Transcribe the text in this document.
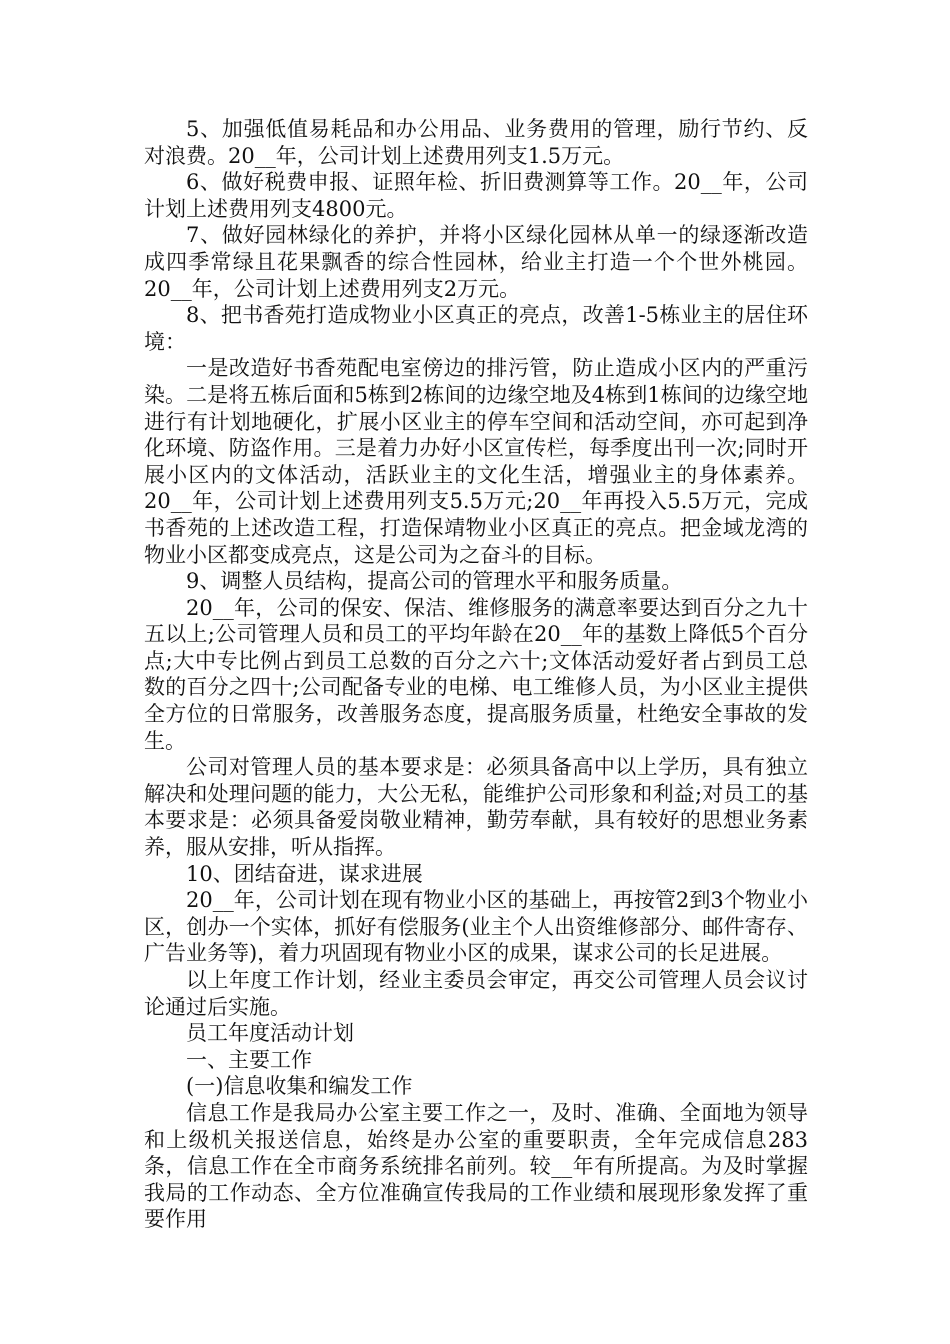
5、加强低值易耗品和办公用品、业务费用的管理，励行节约、反对浪费。20__年，公司计划上述费用列支1.5万元。

6、做好税费申报、证照年检、折旧费测算等工作。20__年，公司计划上述费用列支4800元。

7、做好园林绿化的养护，并将小区绿化园林从单一的绿逐渐改造成四季常绿且花果飘香的综合性园林，给业主打造一个个世外桃园。20__年，公司计划上述费用列支2万元。

8、把书香苑打造成物业小区真正的亮点，改善1-5栋业主的居住环境：

一是改造好书香苑配电室傍边的排污管，防止造成小区内的严重污染。二是将五栋后面和5栋到2栋间的边缘空地及4栋到1栋间的边缘空地进行有计划地硬化，扩展小区业主的停车空间和活动空间，亦可起到净化环境、防盗作用。三是着力办好小区宣传栏，每季度出刊一次;同时开展小区内的文体活动，活跃业主的文化生活，增强业主的身体素养。20__年，公司计划上述费用列支5.5万元;20__年再投入5.5万元，完成书香苑的上述改造工程，打造保靖物业小区真正的亮点。把金域龙湾的物业小区都变成亮点，这是公司为之奋斗的目标。

9、调整人员结构，提高公司的管理水平和服务质量。

20__年，公司的保安、保洁、维修服务的满意率要达到百分之九十五以上;公司管理人员和员工的平均年龄在20__年的基数上降低5个百分点;大中专比例占到员工总数的百分之六十;文体活动爱好者占到员工总数的百分之四十;公司配备专业的电梯、电工维修人员，为小区业主提供全方位的日常服务，改善服务态度，提高服务质量，杜绝安全事故的发生。

公司对管理人员的基本要求是：必须具备高中以上学历，具有独立解决和处理问题的能力，大公无私，能维护公司形象和利益;对员工的基本要求是：必须具备爱岗敬业精神，勤劳奉献，具有较好的思想业务素养，服从安排，听从指挥。

10、团结奋进，谋求进展

20__年，公司计划在现有物业小区的基础上，再按管2到3个物业小区，创办一个实体，抓好有偿服务(业主个人出资维修部分、邮件寄存、广告业务等)，着力巩固现有物业小区的成果，谋求公司的长足进展。

以上年度工作计划，经业主委员会审定，再交公司管理人员会议讨论通过后实施。

员工年度活动计划

一、主要工作

(一)信息收集和编发工作

信息工作是我局办公室主要工作之一，及时、准确、全面地为领导和上级机关报送信息，始终是办公室的重要职责，全年完成信息283条，信息工作在全市商务系统排名前列。较__年有所提高。为及时掌握我局的工作动态、全方位准确宣传我局的工作业绩和展现形象发挥了重要作用
